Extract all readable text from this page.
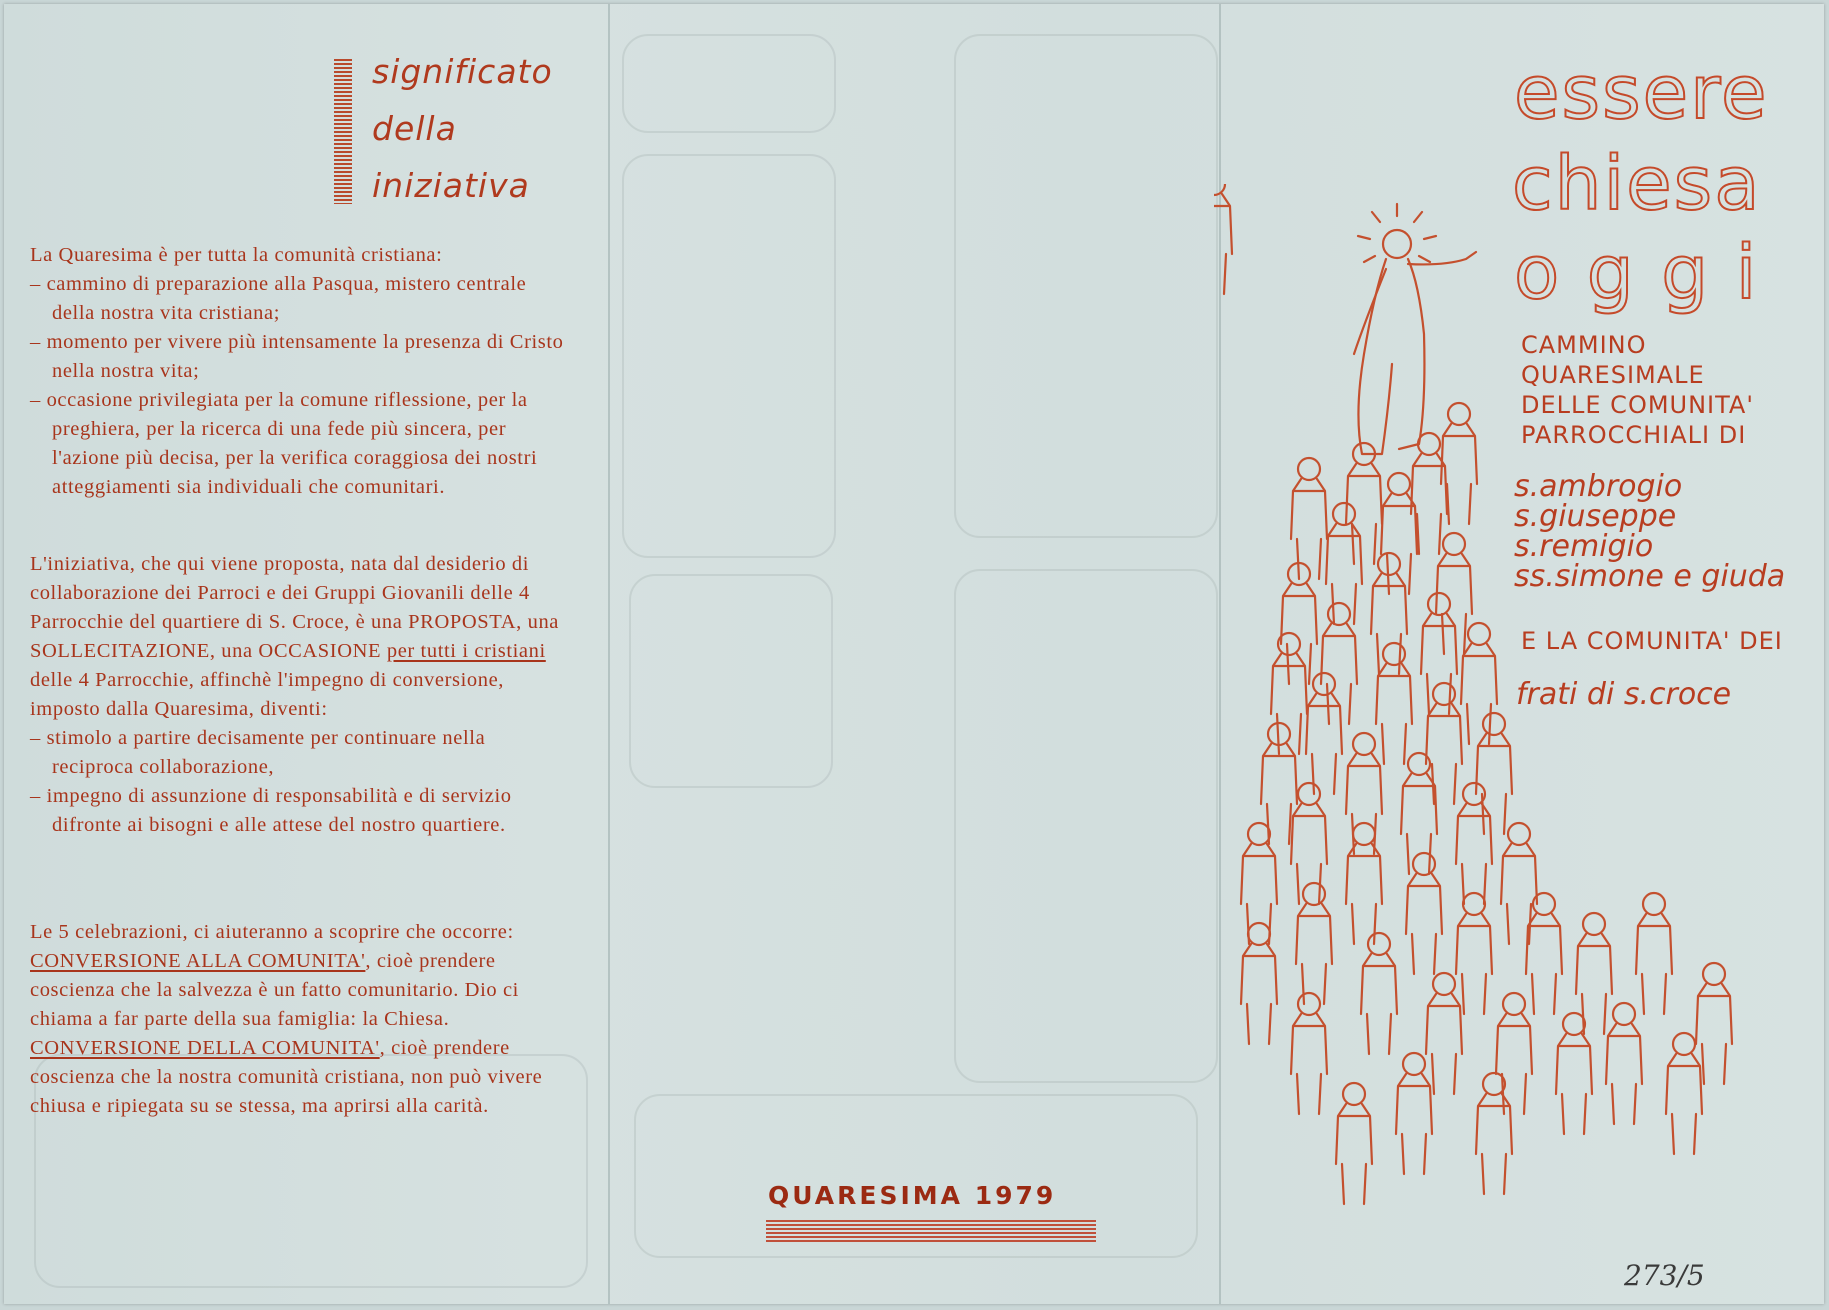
significato
della
iniziativa

La Quaresima è per tutta la comunità cristiana:

– cammino di preparazione alla Pasqua, mistero centrale della nostra vita cristiana;

– momento per vivere più intensamente la presenza di Cristo nella nostra vita;

– occasione privilegiata per la comune riflessione, per la preghiera, per la ricerca di una fede più sincera, per l'azione più decisa, per la verifica coraggiosa dei nostri atteggiamenti sia individuali che comunitari.

L'iniziativa, che qui viene proposta, nata dal desiderio di collaborazione dei Parroci e dei Gruppi Giovanili delle 4 Parrocchie del quartiere di S. Croce, è una PROPOSTA, una SOLLECITAZIONE, una OCCASIONE per tutti i cristiani delle 4 Parrocchie, affinchè l'impegno di conversione, imposto dalla Quaresima, diventi:

– stimolo a partire decisamente per continuare nella reciproca collaborazione,

– impegno di assunzione di responsabilità e di servizio difronte ai bisogni e alle attese del nostro quartiere.

Le 5 celebrazioni, ci aiuteranno a scoprire che occorre:

CONVERSIONE ALLA COMUNITA', cioè prendere coscienza che la salvezza è un fatto comunitario. Dio ci chiama a far parte della sua famiglia: la Chiesa.

CONVERSIONE DELLA COMUNITA', cioè prendere coscienza che la nostra comunità cristiana, non può vivere chiusa e ripiegata su se stessa, ma aprirsi alla carità.

QUARESIMA 1979
essere
chiesa
o g g i
CAMMINO
QUARESIMALE
DELLE COMUNITA'
PARROCCHIALI DI
s.ambrogio
s.giuseppe
s.remigio
ss.simone e giuda
E LA COMUNITA' DEI
frati di s.croce
273/5
